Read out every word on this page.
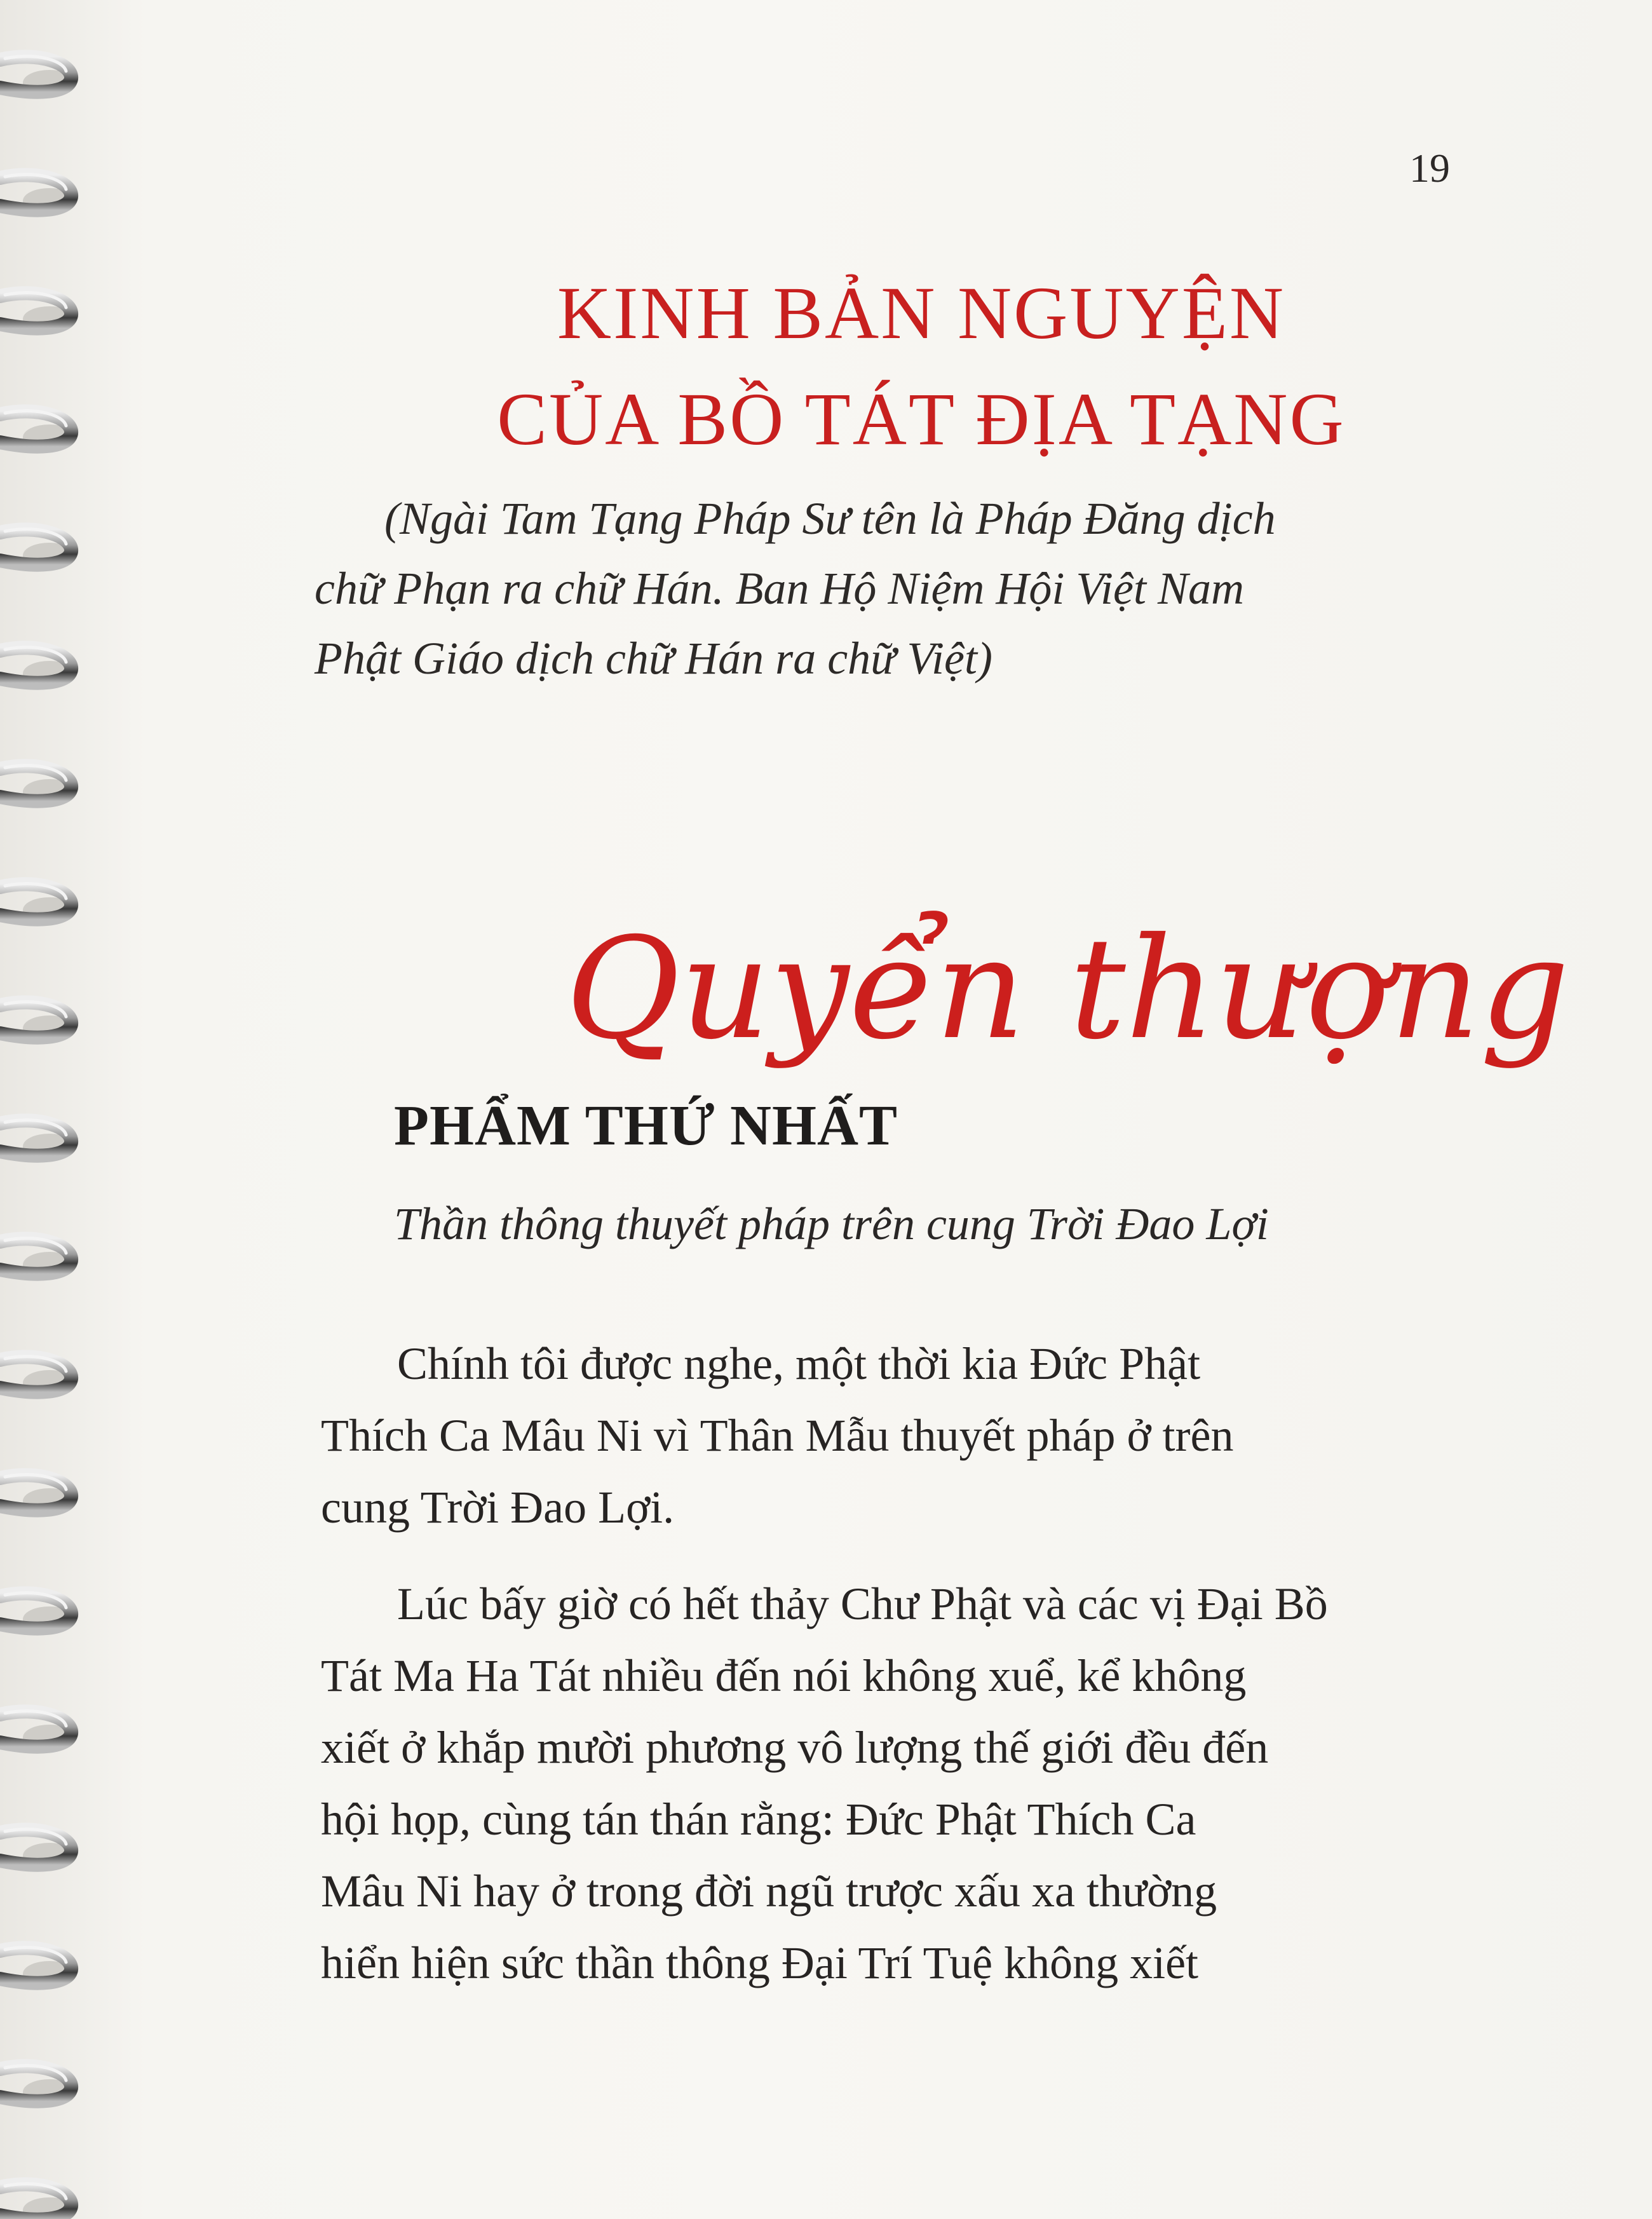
19
KINH BẢN NGUYỆN
CỦA BỒ TÁT ĐỊA TẠNG
(Ngài Tam Tạng Pháp Sư tên là Pháp Đăng dịch
chữ Phạn ra chữ Hán. Ban Hộ Niệm Hội Việt Nam
Phật Giáo dịch chữ Hán ra chữ Việt)
Quyển thượng
PHẨM THỨ NHẤT
Thần thông thuyết pháp trên cung Trời Đao Lợi
Chính tôi được nghe, một thời kia Đức Phật
Thích Ca Mâu Ni vì Thân Mẫu thuyết pháp ở trên
cung Trời Đao Lợi.
Lúc bấy giờ có hết thảy Chư Phật và các vị Đại Bồ
Tát Ma Ha Tát nhiều đến nói không xuể, kể không
xiết ở khắp mười phương vô lượng thế giới đều đến
hội họp, cùng tán thán rằng: Đức Phật Thích Ca
Mâu Ni hay ở trong đời ngũ trược xấu xa thường
hiển hiện sức thần thông Đại Trí Tuệ không xiết
